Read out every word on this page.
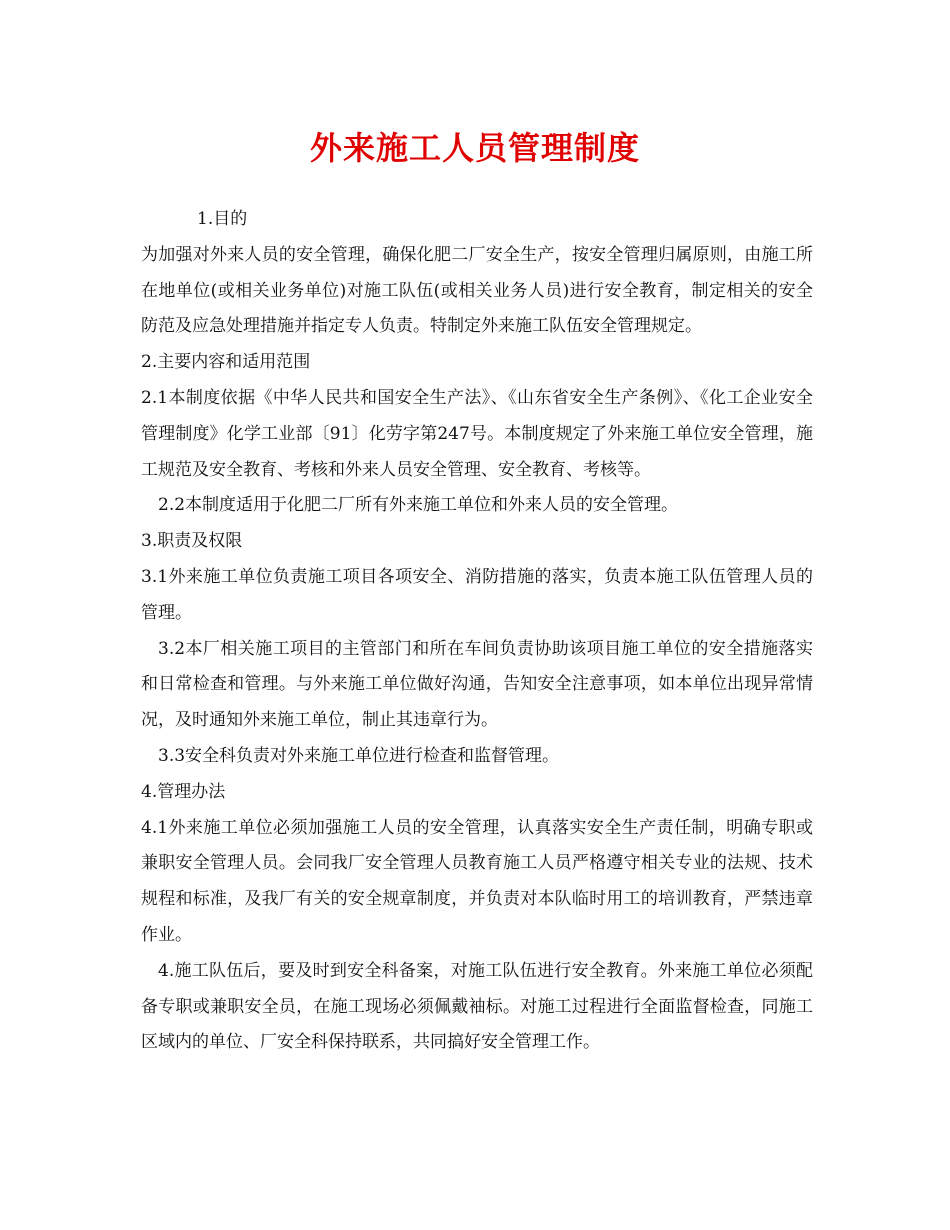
外来施工人员管理制度

1.目的

为加强对外来人员的安全管理，确保化肥二厂安全生产，按安全管理归属原则，由施工所在地单位(或相关业务单位)对施工队伍(或相关业务人员)进行安全教育，制定相关的安全防范及应急处理措施并指定专人负责。特制定外来施工队伍安全管理规定。

2.主要内容和适用范围

2.1本制度依据《中华人民共和国安全生产法》、《山东省安全生产条例》、《化工企业安全管理制度》化学工业部〔91〕化劳字第247号。本制度规定了外来施工单位安全管理，施工规范及安全教育、考核和外来人员安全管理、安全教育、考核等。

2.2本制度适用于化肥二厂所有外来施工单位和外来人员的安全管理。

3.职责及权限

3.1外来施工单位负责施工项目各项安全、消防措施的落实，负责本施工队伍管理人员的管理。

3.2本厂相关施工项目的主管部门和所在车间负责协助该项目施工单位的安全措施落实和日常检查和管理。与外来施工单位做好沟通，告知安全注意事项，如本单位出现异常情况，及时通知外来施工单位，制止其违章行为。

3.3安全科负责对外来施工单位进行检查和监督管理。

4.管理办法

4.1外来施工单位必须加强施工人员的安全管理，认真落实安全生产责任制，明确专职或兼职安全管理人员。会同我厂安全管理人员教育施工人员严格遵守相关专业的法规、技术规程和标准，及我厂有关的安全规章制度，并负责对本队临时用工的培训教育，严禁违章作业。

4.施工队伍后，要及时到安全科备案，对施工队伍进行安全教育。外来施工单位必须配备专职或兼职安全员，在施工现场必须佩戴袖标。对施工过程进行全面监督检查，同施工区域内的单位、厂安全科保持联系，共同搞好安全管理工作。
